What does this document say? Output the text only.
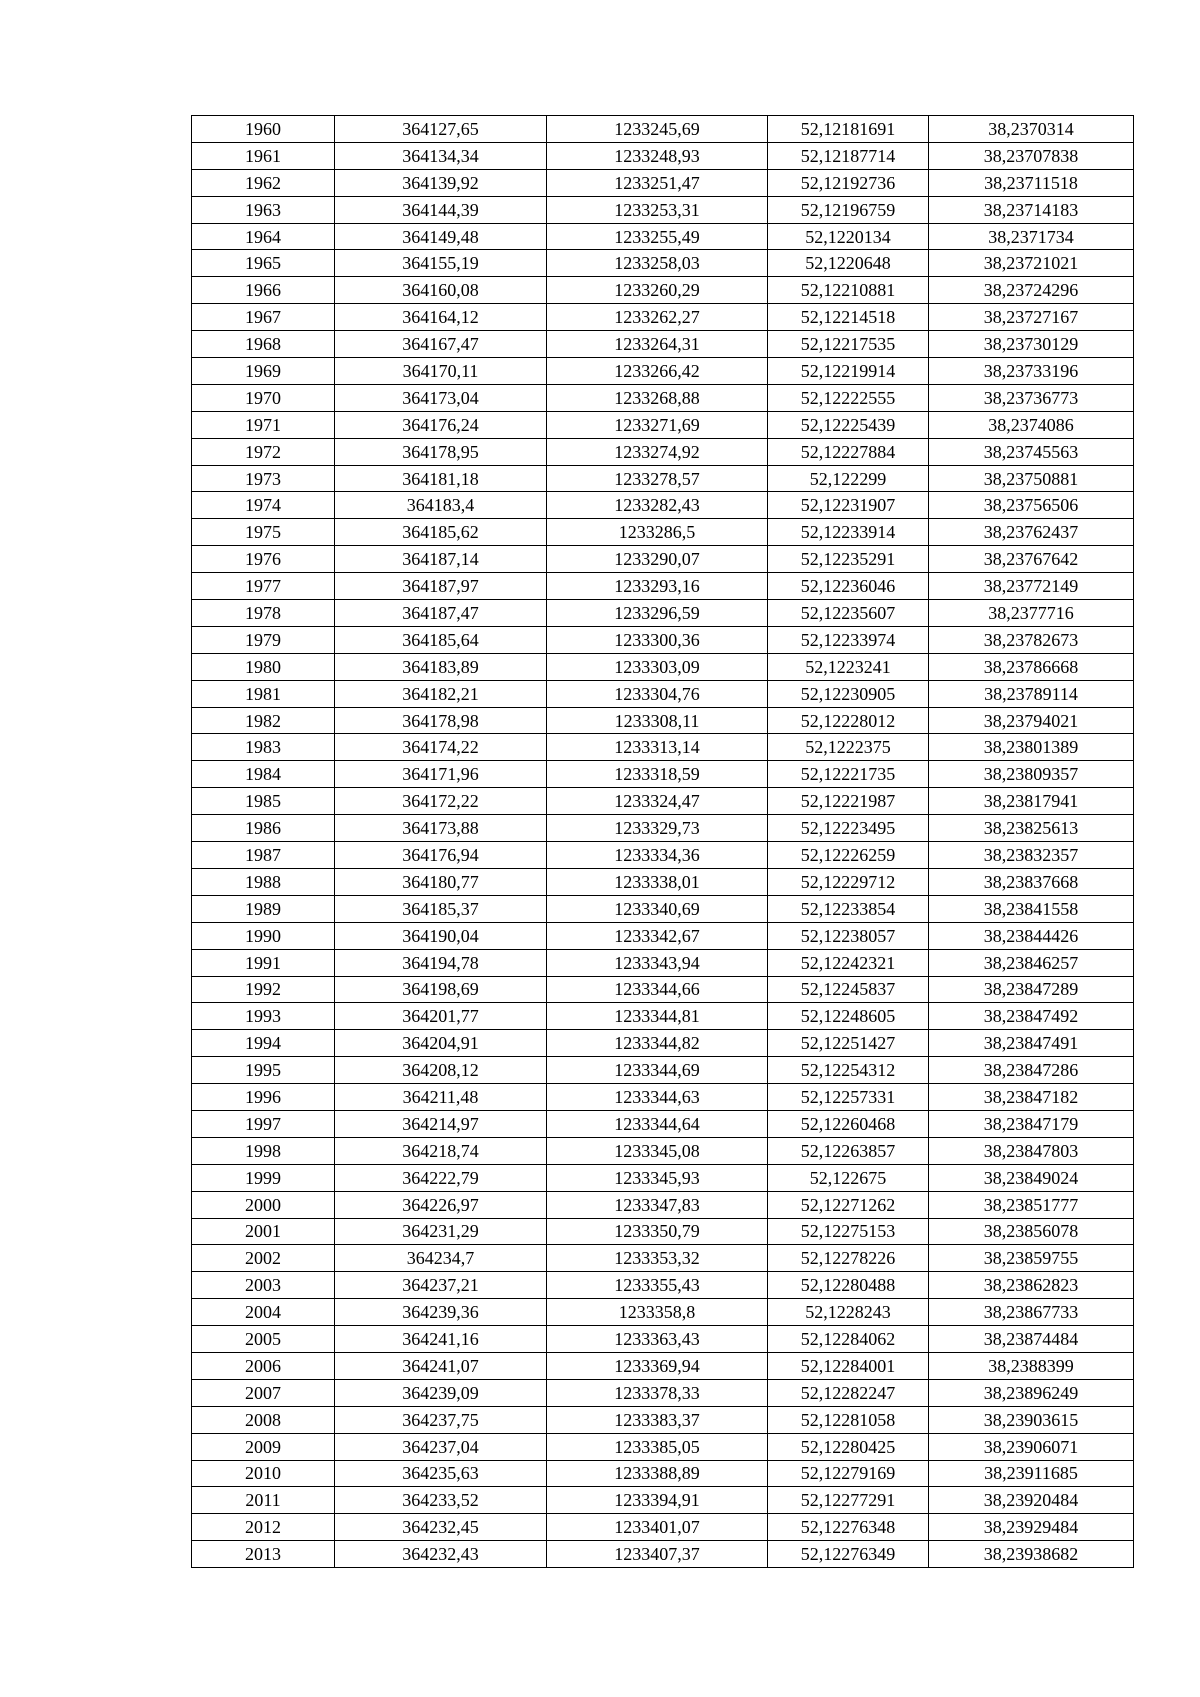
1960	364127,65	1233245,69	52,12181691	38,2370314
1961	364134,34	1233248,93	52,12187714	38,23707838
1962	364139,92	1233251,47	52,12192736	38,23711518
1963	364144,39	1233253,31	52,12196759	38,23714183
1964	364149,48	1233255,49	52,1220134	38,2371734
1965	364155,19	1233258,03	52,1220648	38,23721021
1966	364160,08	1233260,29	52,12210881	38,23724296
1967	364164,12	1233262,27	52,12214518	38,23727167
1968	364167,47	1233264,31	52,12217535	38,23730129
1969	364170,11	1233266,42	52,12219914	38,23733196
1970	364173,04	1233268,88	52,12222555	38,23736773
1971	364176,24	1233271,69	52,12225439	38,2374086
1972	364178,95	1233274,92	52,12227884	38,23745563
1973	364181,18	1233278,57	52,122299	38,23750881
1974	364183,4	1233282,43	52,12231907	38,23756506
1975	364185,62	1233286,5	52,12233914	38,23762437
1976	364187,14	1233290,07	52,12235291	38,23767642
1977	364187,97	1233293,16	52,12236046	38,23772149
1978	364187,47	1233296,59	52,12235607	38,2377716
1979	364185,64	1233300,36	52,12233974	38,23782673
1980	364183,89	1233303,09	52,1223241	38,23786668
1981	364182,21	1233304,76	52,12230905	38,23789114
1982	364178,98	1233308,11	52,12228012	38,23794021
1983	364174,22	1233313,14	52,1222375	38,23801389
1984	364171,96	1233318,59	52,12221735	38,23809357
1985	364172,22	1233324,47	52,12221987	38,23817941
1986	364173,88	1233329,73	52,12223495	38,23825613
1987	364176,94	1233334,36	52,12226259	38,23832357
1988	364180,77	1233338,01	52,12229712	38,23837668
1989	364185,37	1233340,69	52,12233854	38,23841558
1990	364190,04	1233342,67	52,12238057	38,23844426
1991	364194,78	1233343,94	52,12242321	38,23846257
1992	364198,69	1233344,66	52,12245837	38,23847289
1993	364201,77	1233344,81	52,12248605	38,23847492
1994	364204,91	1233344,82	52,12251427	38,23847491
1995	364208,12	1233344,69	52,12254312	38,23847286
1996	364211,48	1233344,63	52,12257331	38,23847182
1997	364214,97	1233344,64	52,12260468	38,23847179
1998	364218,74	1233345,08	52,12263857	38,23847803
1999	364222,79	1233345,93	52,122675	38,23849024
2000	364226,97	1233347,83	52,12271262	38,23851777
2001	364231,29	1233350,79	52,12275153	38,23856078
2002	364234,7	1233353,32	52,12278226	38,23859755
2003	364237,21	1233355,43	52,12280488	38,23862823
2004	364239,36	1233358,8	52,1228243	38,23867733
2005	364241,16	1233363,43	52,12284062	38,23874484
2006	364241,07	1233369,94	52,12284001	38,2388399
2007	364239,09	1233378,33	52,12282247	38,23896249
2008	364237,75	1233383,37	52,12281058	38,23903615
2009	364237,04	1233385,05	52,12280425	38,23906071
2010	364235,63	1233388,89	52,12279169	38,23911685
2011	364233,52	1233394,91	52,12277291	38,23920484
2012	364232,45	1233401,07	52,12276348	38,23929484
2013	364232,43	1233407,37	52,12276349	38,23938682
